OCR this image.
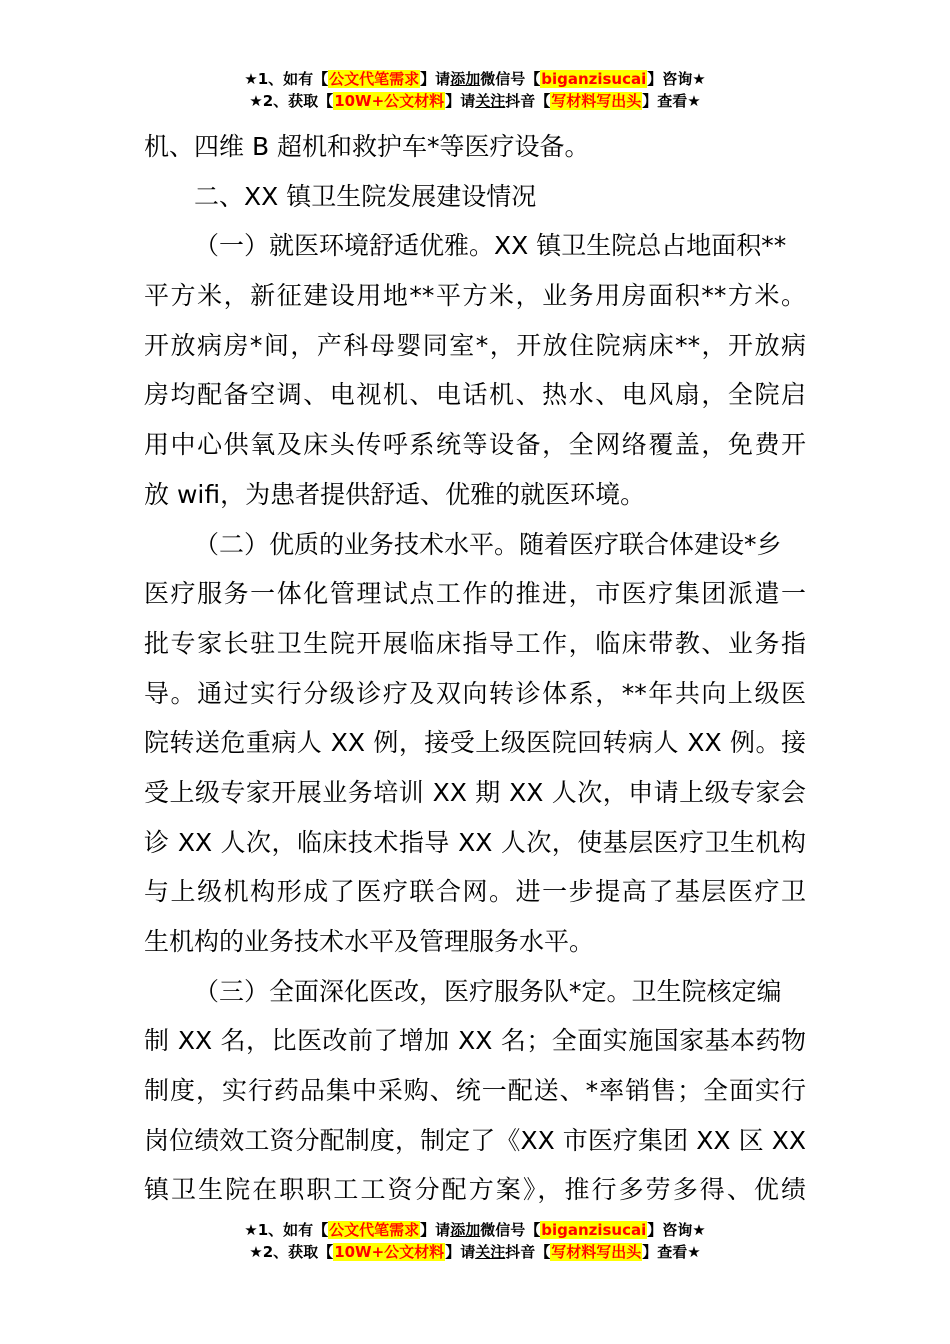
★1、如有【公文代笔需求】请添加微信号【biganzisucai】咨询★
★2、获取【10W+公文材料】请关注抖音【写材料写出头】查看★
机、四维 B 超机和救护车*等医疗设备。
二、XX 镇卫生院发展建设情况
（一）就医环境舒适优雅。XX 镇卫生院总占地面积**
平方米，新征建设用地**平方米，业务用房面积**方米。
开放病房*间，产科母婴同室*，开放住院病床**，开放病
房均配备空调、电视机、电话机、热水、电风扇，全院启
用中心供氧及床头传呼系统等设备，全网络覆盖，免费开
放 wifi，为患者提供舒适、优雅的就医环境。
（二）优质的业务技术水平。随着医疗联合体建设*乡
医疗服务一体化管理试点工作的推进，市医疗集团派遣一
批专家长驻卫生院开展临床指导工作，临床带教、业务指
导。通过实行分级诊疗及双向转诊体系，**年共向上级医
院转送危重病人 XX 例，接受上级医院回转病人 XX 例。接
受上级专家开展业务培训 XX 期 XX 人次，申请上级专家会
诊 XX 人次，临床技术指导 XX 人次，使基层医疗卫生机构
与上级机构形成了医疗联合网。进一步提高了基层医疗卫
生机构的业务技术水平及管理服务水平。
（三）全面深化医改，医疗服务队*定。卫生院核定编
制 XX 名，比医改前了增加 XX 名；全面实施国家基本药物
制度，实行药品集中采购、统一配送、*率销售；全面实行
岗位绩效工资分配制度，制定了《XX 市医疗集团 XX 区 XX
镇卫生院在职职工工资分配方案》，推行多劳多得、优绩
★1、如有【公文代笔需求】请添加微信号【biganzisucai】咨询★
★2、获取【10W+公文材料】请关注抖音【写材料写出头】查看★
